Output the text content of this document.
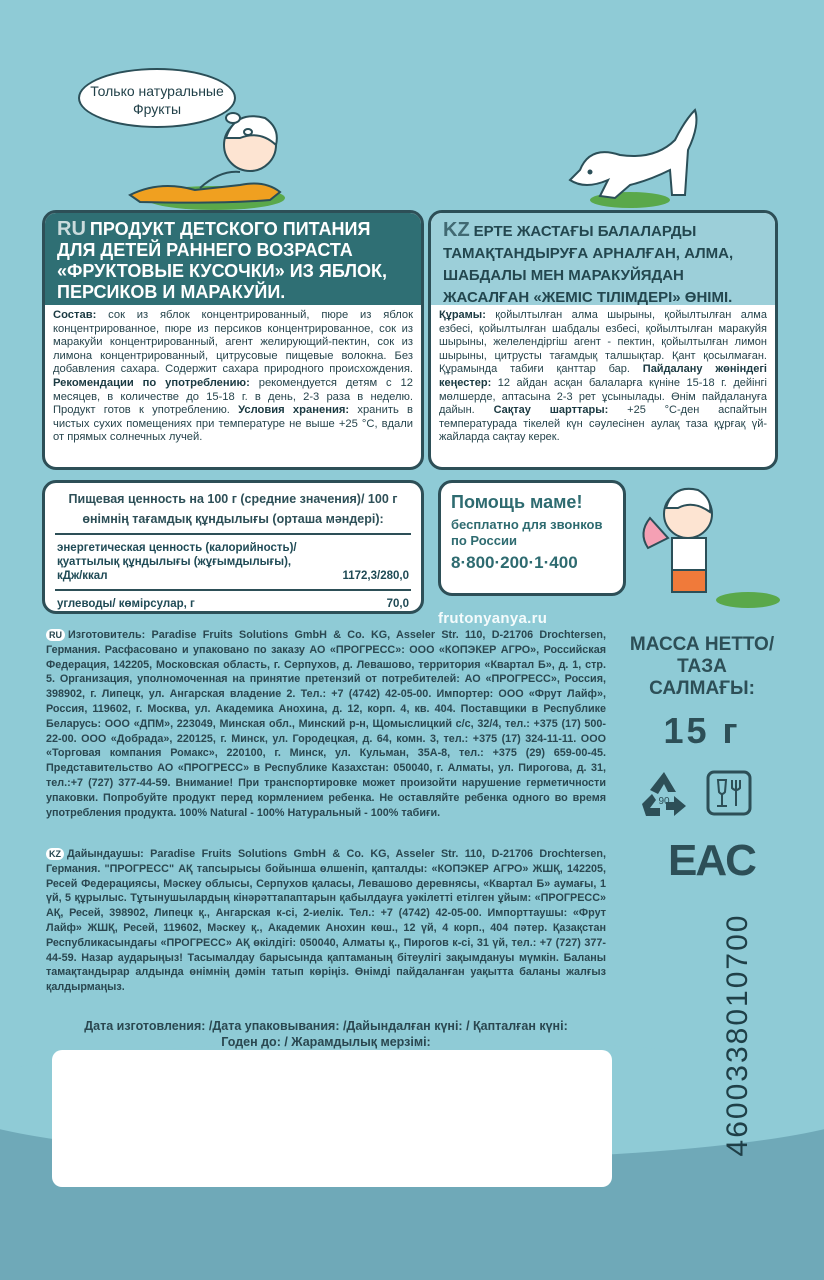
Только натуральные Фрукты
RU ПРОДУКТ ДЕТСКОГО ПИТАНИЯ ДЛЯ ДЕТЕЙ РАННЕГО ВОЗРАСТА «ФРУКТОВЫЕ КУСОЧКИ» ИЗ ЯБЛОК, ПЕРСИКОВ И МАРАКУЙИ.
Состав: сок из яблок концентрированный, пюре из яблок концентрированное, пюре из персиков концентрированное, сок из маракуйи концентрированный, агент желирующий-пектин, сок из лимона концентрированный, цитрусовые пищевые волокна. Без добавления сахара. Содержит сахара природного происхождения. Рекомендации по употреблению: рекомендуется детям с 12 месяцев, в количестве до 15-18 г. в день, 2-3 раза в неделю. Продукт готов к употреблению. Условия хранения: хранить в чистых сухих помещениях при температуре не выше +25 °С, вдали от прямых солнечных лучей.
KZ ЕРТЕ ЖАСТАҒЫ БАЛАЛАРДЫ ТАМАҚТАНДЫРУҒА АРНАЛҒАН, АЛМА, ШАБДАЛЫ МЕН МАРАКУЙЯДАН ЖАСАЛҒАН «ЖЕМІС ТІЛІМДЕРІ» ӨНІМІ.
Құрамы: қойылтылған алма шырыны, қойылтылған алма езбесі, қойылтылған шабдалы езбесі, қойылтылған маракуйя шырыны, желелендіргіш агент - пектин, қойылтылған лимон шырыны, цитрусты тағамдық талшықтар. Қант қосылмаған. Құрамында табиғи қанттар бар. Пайдалану жөніндегі кеңестер: 12 айдан асқан балаларға күніне 15-18 г. дейінгі мөлшерде, аптасына 2-3 рет ұсынылады. Өнім пайдалануға дайын. Сақтау шарттары: +25 °С-ден аспайтын температурада тікелей күн сәулесінен аулақ таза құрғақ үй-жайларда сақтау керек.
Пищевая ценность на 100 г (средние значения)/ 100 г өнімнің тағамдық құндылығы (орташа мәндері):
энергетическая ценность (калорийность)/ қуаттылық құндылығы (жұғымдылығы), кДж/ккал	1172,3/280,0
углеводы/ көмірсулар, г	70,0
Помощь маме!
бесплатно для звонков по России
8·800·200·1·400
frutonyanya.ru
RU Изготовитель: Paradise Fruits Solutions GmbH & Co. KG, Asseler Str. 110, D-21706 Drochtersen, Германия. Расфасовано и упаковано по заказу АО «ПРОГРЕСС»: ООО «КОПЭКЕР АГРО», Российская Федерация, 142205, Московская область, г. Серпухов, д. Левашово, территория «Квартал Б», д. 1, стр. 5. Организация, уполномоченная на принятие претензий от потребителей: АО «ПРОГРЕСС», Россия, 398902, г. Липецк, ул. Ангарская владение 2. Тел.: +7 (4742) 42-05-00. Импортер: ООО «Фрут Лайф», Россия, 119602, г. Москва, ул. Академика Анохина, д. 12, корп. 4, кв. 404. Поставщики в Республике Беларусь: ООО «ДПМ», 223049, Минская обл., Минский р-н, Щомыслицкий с/с, 32/4, тел.: +375 (17) 500-22-00. ООО «Добрада», 220125, г. Минск, ул. Городецкая, д. 64, комн. 3, тел.: +375 (17) 324-11-11. ООО «Торговая компания Ромакс», 220100, г. Минск, ул. Кульман, 35А-8, тел.: +375 (29) 659-00-45. Представительство АО «ПРОГРЕСС» в Республике Казахстан: 050040, г. Алматы, ул. Пирогова, д. 31, тел.:+7 (727) 377-44-59. Внимание! При транспортировке может произойти нарушение герметичности упаковки. Попробуйте продукт перед кормлением ребенка. Не оставляйте ребенка одного во время употребления продукта. 100% Natural - 100% Натуральный - 100% табиғи.
KZ Дайындаушы: Paradise Fruits Solutions GmbH & Co. KG, Asseler Str. 110, D-21706 Drochtersen, Германия. "ПРОГРЕСС" АҚ тапсырысы бойынша өлшеніп, қапталды: «КОПЭКЕР АГРО» ЖШҚ, 142205, Ресей Федерациясы, Мәскеу облысы, Серпухов қаласы, Левашово деревнясы, «Квартал Б» аумағы, 1 үй, 5 құрылыс. Тұтынушылардың кінәрәттапаптарын қабылдауға уәкілетті етілген ұйым: «ПРОГРЕСС» АҚ, Ресей, 398902, Липецк қ., Ангарская к-сі, 2-иелік. Тел.: +7 (4742) 42-05-00. Импорттаушы: «Фрут Лайф» ЖШҚ, Ресей, 119602, Мәскеу қ., Академик Анохин көш., 12 үй, 4 корп., 404 пәтер. Қазақстан Республикасындағы «ПРОГРЕСС» АҚ өкілдігі: 050040, Алматы қ., Пирогов к-сі, 31 үй, тел.: +7 (727) 377-44-59. Назар аударыңыз! Тасымалдау барысында қаптаманың бітеулігі зақымдануы мүмкін. Баланы тамақтандырар алдында өнімнің дәмін татып көріңіз. Өнімді пайдаланған уақытта баланы жалғыз қалдырмаңыз.
Дата изготовления: /Дата упаковывания: /Дайындалған күні: / Қапталған күні:
Годен до: / Жарамдылық мерзімі:
МАССА НЕТТО/ ТАЗА САЛМАҒЫ:
15 г
90
EAC
4600338010700
